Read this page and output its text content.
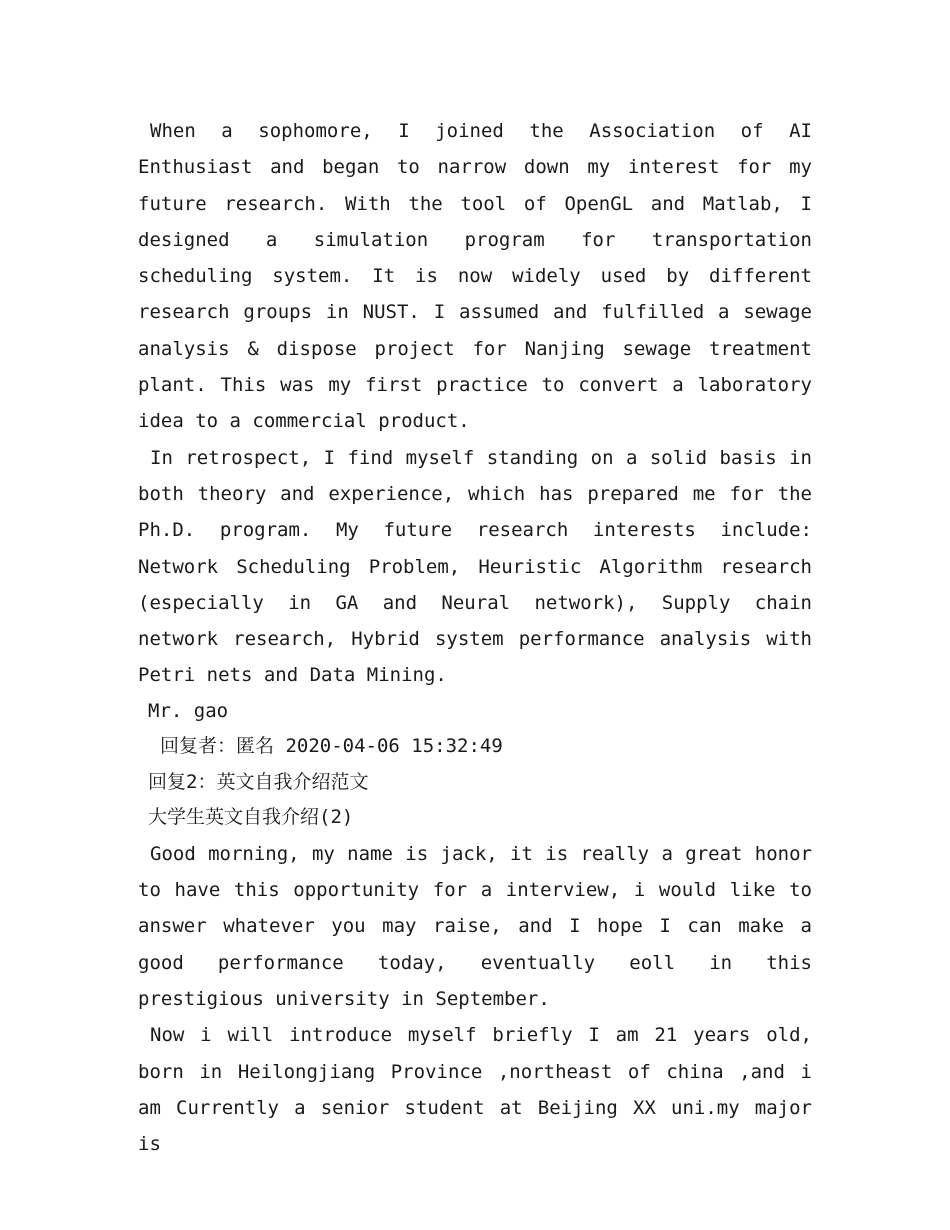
When a sophomore, I joined the Association of AI Enthusiast and began to narrow down my interest for my future research. With the tool of OpenGL and Matlab, I designed a simulation program for transportation scheduling system. It is now widely used by different research groups in NUST. I assumed and fulfilled a sewage analysis & dispose project for Nanjing sewage treatment plant. This was my first practice to convert a laboratory idea to a commercial product.

In retrospect, I find myself standing on a solid basis in both theory and experience, which has prepared me for the Ph.D. program. My future research interests include: Network Scheduling Problem, Heuristic Algorithm research (especially in GA and Neural network), Supply chain network research, Hybrid system performance analysis with Petri nets and Data Mining.

Mr. gao

回复者：匿名 2020-04-06 15:32:49

回复2：英文自我介绍范文

大学生英文自我介绍(2)

Good morning, my name is jack, it is really a great honor to have this opportunity for a interview, i would like to answer whatever you may raise, and I hope I can make a good performance today, eventually eoll in this prestigious university in September.

Now i will introduce myself briefly I am 21 years old, born in Heilongjiang Province ,northeast of china ,and i am Currently a senior student at Beijing XX uni.my major is
